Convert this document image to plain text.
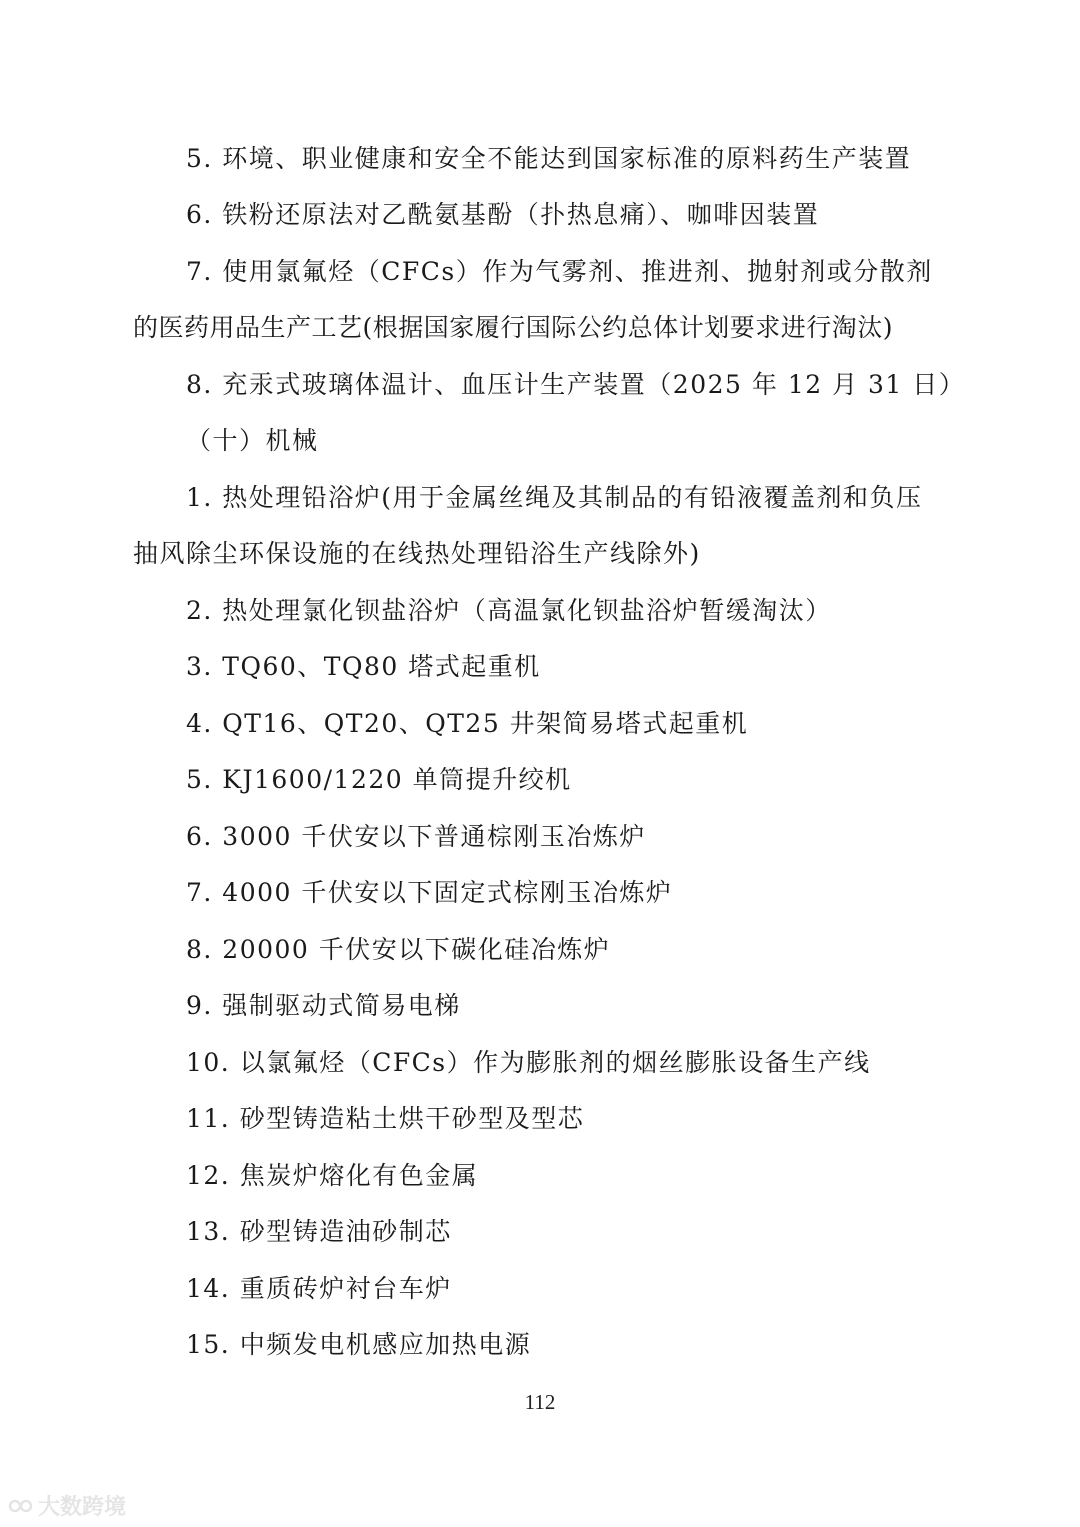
5. 环境、职业健康和安全不能达到国家标准的原料药生产装置
6. 铁粉还原法对乙酰氨基酚（扑热息痛）、咖啡因装置
7. 使用氯氟烃（CFCs）作为气雾剂、推进剂、抛射剂或分散剂
的医药用品生产工艺(根据国家履行国际公约总体计划要求进行淘汰)
8. 充汞式玻璃体温计、血压计生产装置（2025 年 12 月 31 日）
（十）机械
1. 热处理铅浴炉(用于金属丝绳及其制品的有铅液覆盖剂和负压
抽风除尘环保设施的在线热处理铅浴生产线除外)
2. 热处理氯化钡盐浴炉（高温氯化钡盐浴炉暂缓淘汰）
3. TQ60、TQ80 塔式起重机
4. QT16、QT20、QT25 井架简易塔式起重机
5. KJ1600/1220 单筒提升绞机
6. 3000 千伏安以下普通棕刚玉冶炼炉
7. 4000 千伏安以下固定式棕刚玉冶炼炉
8. 20000 千伏安以下碳化硅冶炼炉
9. 强制驱动式简易电梯
10. 以氯氟烃（CFCs）作为膨胀剂的烟丝膨胀设备生产线
11. 砂型铸造粘土烘干砂型及型芯
12. 焦炭炉熔化有色金属
13. 砂型铸造油砂制芯
14. 重质砖炉衬台车炉
15. 中频发电机感应加热电源
112
大数跨境
